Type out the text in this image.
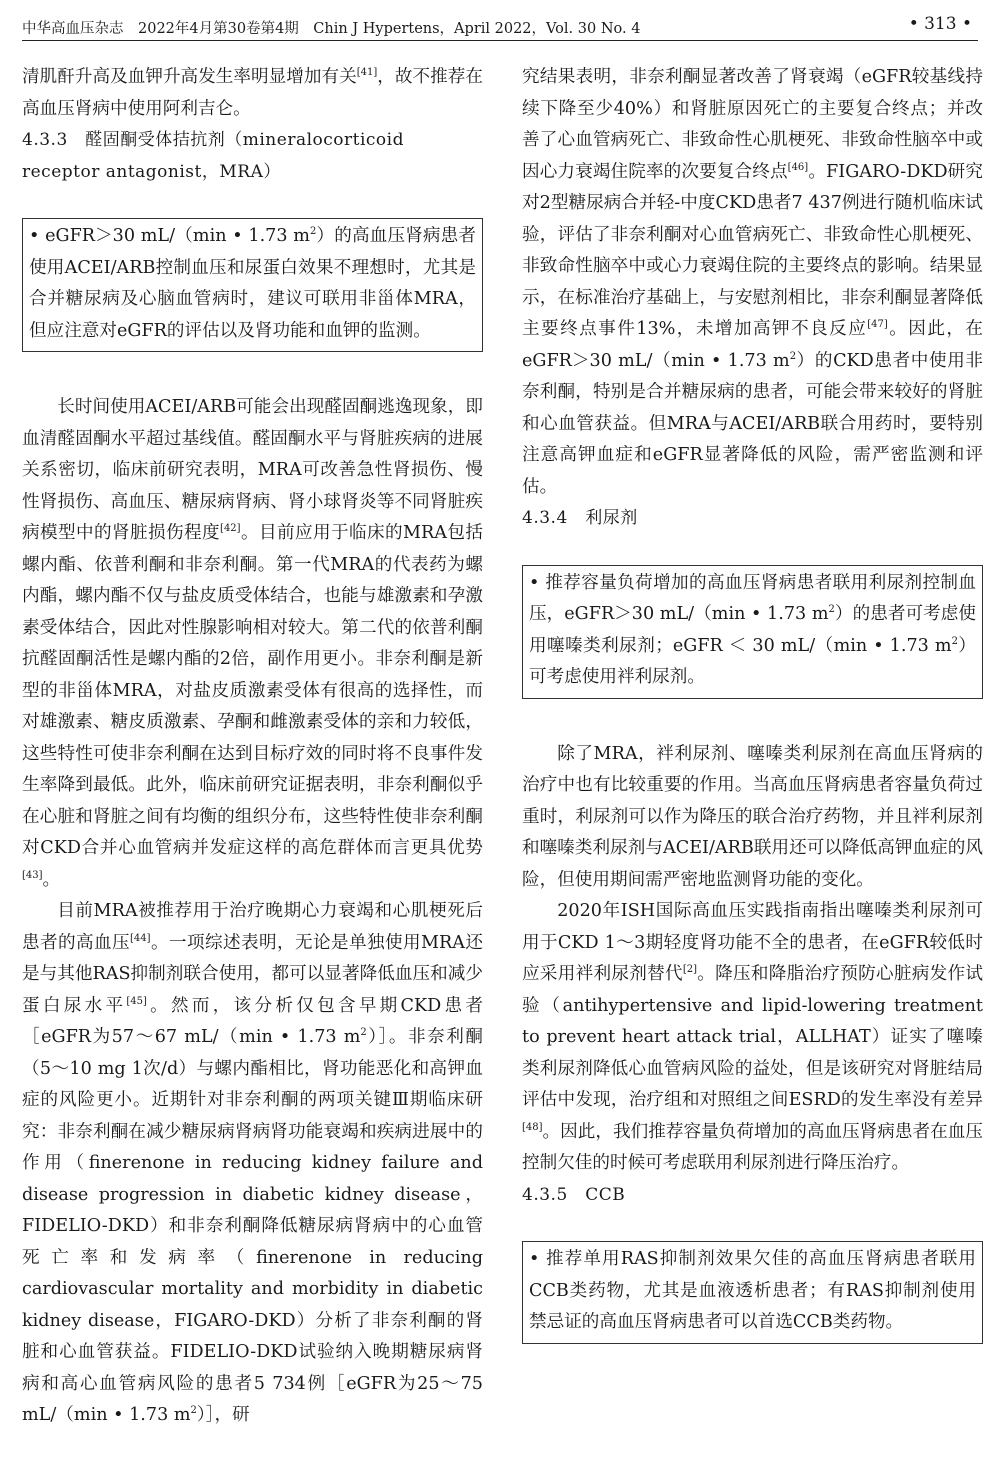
中华高血压杂志　2022年4月第30卷第4期　Chin J Hypertens，April 2022，Vol. 30 No. 4	• 313 •

清肌酐升高及血钾升高发生率明显增加有关[41]，故不推荐在高血压肾病中使用阿利吉仑。

4.3.3　醛固酮受体拮抗剂（mineralocorticoid receptor antagonist，MRA）

• eGFR＞30 mL/（min • 1.73 $m^2$）的高血压肾病患者使用ACEI/ARB控制血压和尿蛋白效果不理想时，尤其是合并糖尿病及心脑血管病时，建议可联用非甾体MRA，但应注意对eGFR的评估以及肾功能和血钾的监测。

长时间使用ACEI/ARB可能会出现醛固酮逃逸现象，即血清醛固酮水平超过基线值。醛固酮水平与肾脏疾病的进展关系密切，临床前研究表明，MRA可改善急性肾损伤、慢性肾损伤、高血压、糖尿病肾病、肾小球肾炎等不同肾脏疾病模型中的肾脏损伤程度[42]。目前应用于临床的MRA包括螺内酯、依普利酮和非奈利酮。第一代MRA的代表药为螺内酯，螺内酯不仅与盐皮质受体结合，也能与雄激素和孕激素受体结合，因此对性腺影响相对较大。第二代的依普利酮抗醛固酮活性是螺内酯的2倍，副作用更小。非奈利酮是新型的非甾体MRA，对盐皮质激素受体有很高的选择性，而对雄激素、糖皮质激素、孕酮和雌激素受体的亲和力较低，这些特性可使非奈利酮在达到目标疗效的同时将不良事件发生率降到最低。此外，临床前研究证据表明，非奈利酮似乎在心脏和肾脏之间有均衡的组织分布，这些特性使非奈利酮对CKD合并心血管病并发症这样的高危群体而言更具优势[43]。

目前MRA被推荐用于治疗晚期心力衰竭和心肌梗死后患者的高血压[44]。一项综述表明，无论是单独使用MRA还是与其他RAS抑制剂联合使用，都可以显著降低血压和减少蛋白尿水平[45]。然而，该分析仅包含早期CKD患者［eGFR为57～67 mL/（min • 1.73 $m^2)]$。非奈利酮（5～10 mg 1次/d）与螺内酯相比，肾功能恶化和高钾血症的风险更小。近期针对非奈利酮的两项关键Ⅲ期临床研究：非奈利酮在减少糖尿病肾病肾功能衰竭和疾病进展中的作用（finerenone in reducing kidney failure and disease progression in diabetic kidney disease，FIDELIO-DKD）和非奈利酮降低糖尿病肾病中的心血管死亡率和发病率（finerenone in reducing cardiovascular mortality and morbidity in diabetic kidney disease，FIGARO-DKD）分析了非奈利酮的肾脏和心血管获益。FIDELIO-DKD试验纳入晚期糖尿病肾病和高心血管病风险的患者5 734例［eGFR为25～75 mL/（min • 1.73 $m^2)]$，研

究结果表明，非奈利酮显著改善了肾衰竭（eGFR较基线持续下降至少40%）和肾脏原因死亡的主要复合终点；并改善了心血管病死亡、非致命性心肌梗死、非致命性脑卒中或因心力衰竭住院率的次要复合终点[46]。FIGARO-DKD研究对2型糖尿病合并轻-中度CKD患者7 437例进行随机临床试验，评估了非奈利酮对心血管病死亡、非致命性心肌梗死、非致命性脑卒中或心力衰竭住院的主要终点的影响。结果显示，在标准治疗基础上，与安慰剂相比，非奈利酮显著降低主要终点事件13%，未增加高钾不良反应[47]。因此，在eGFR＞30 mL/（min • 1.73 $m^2$）的CKD患者中使用非奈利酮，特别是合并糖尿病的患者，可能会带来较好的肾脏和心血管获益。但MRA与ACEI/ARB联合用药时，要特别注意高钾血症和eGFR显著降低的风险，需严密监测和评估。

4.3.4　利尿剂

• 推荐容量负荷增加的高血压肾病患者联用利尿剂控制血压，eGFR＞30 mL/（min • 1.73 $m^2$）的患者可考虑使用噻嗪类利尿剂；eGFR ＜ 30 mL/（min • 1.73 $m^2$）可考虑使用袢利尿剂。

除了MRA，袢利尿剂、噻嗪类利尿剂在高血压肾病的治疗中也有比较重要的作用。当高血压肾病患者容量负荷过重时，利尿剂可以作为降压的联合治疗药物，并且袢利尿剂和噻嗪类利尿剂与ACEI/ARB联用还可以降低高钾血症的风险，但使用期间需严密地监测肾功能的变化。

2020年ISH国际高血压实践指南指出噻嗪类利尿剂可用于CKD 1～3期轻度肾功能不全的患者，在eGFR较低时应采用袢利尿剂替代[2]。降压和降脂治疗预防心脏病发作试验（antihypertensive and lipid-lowering treatment to prevent heart attack trial，ALLHAT）证实了噻嗪类利尿剂降低心血管病风险的益处，但是该研究对肾脏结局评估中发现，治疗组和对照组之间ESRD的发生率没有差异[48]。因此，我们推荐容量负荷增加的高血压肾病患者在血压控制欠佳的时候可考虑联用利尿剂进行降压治疗。

4.3.5　CCB

• 推荐单用RAS抑制剂效果欠佳的高血压肾病患者联用CCB类药物，尤其是血液透析患者；有RAS抑制剂使用禁忌证的高血压肾病患者可以首选CCB类药物。
